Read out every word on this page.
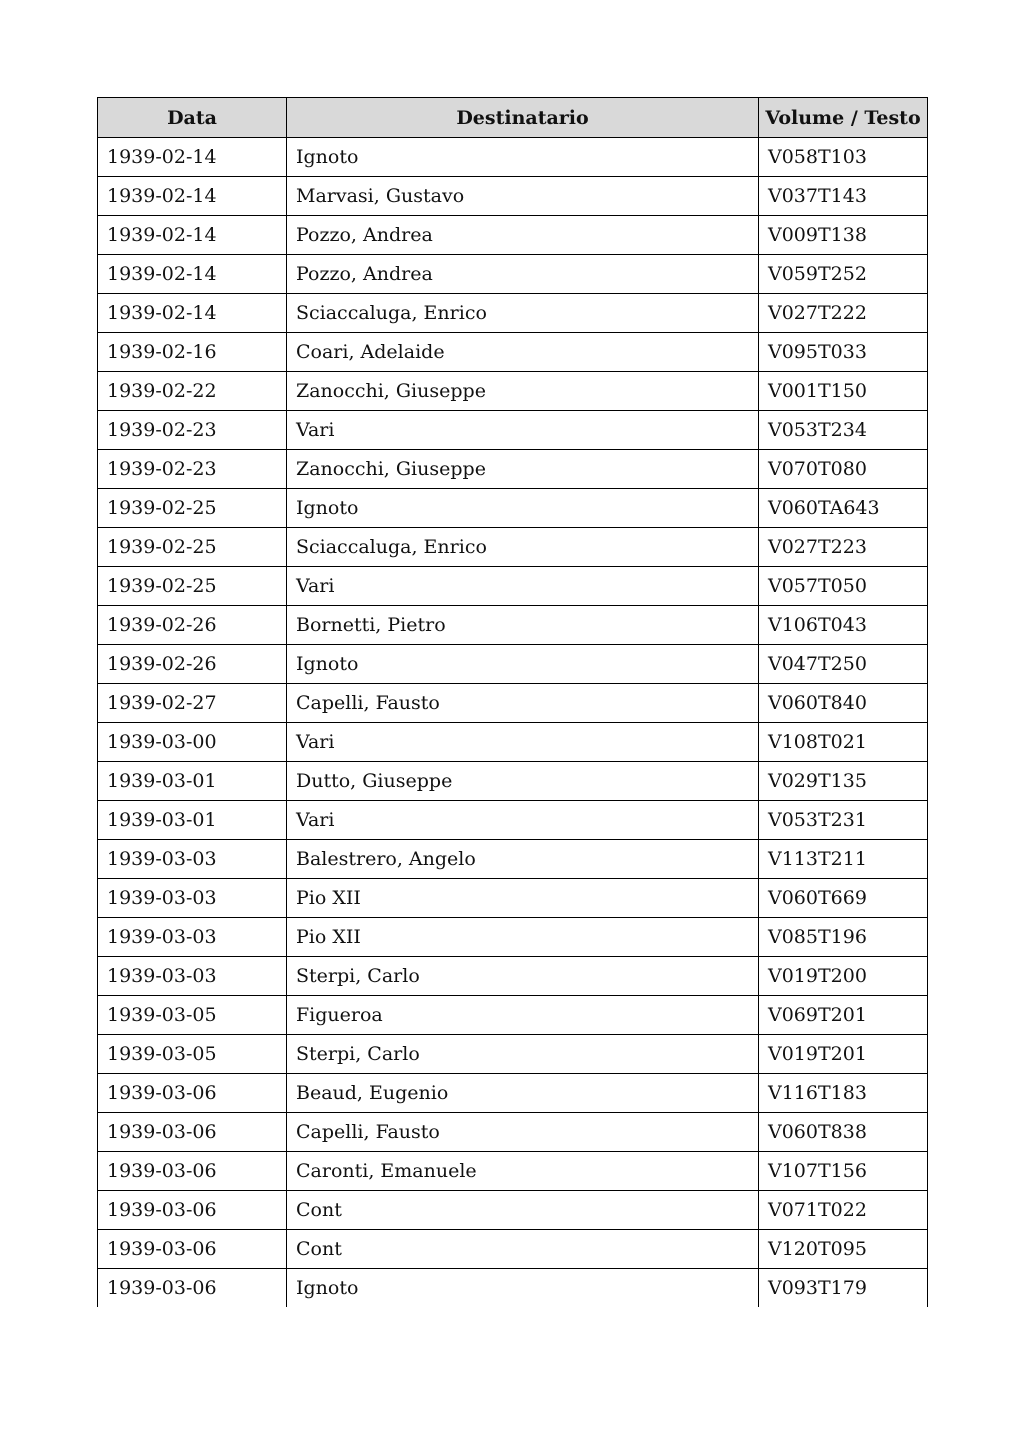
Data	Destinatario	Volume / Testo
1939-02-14	Ignoto	V058T103
1939-02-14	Marvasi, Gustavo	V037T143
1939-02-14	Pozzo, Andrea	V009T138
1939-02-14	Pozzo, Andrea	V059T252
1939-02-14	Sciaccaluga, Enrico	V027T222
1939-02-16	Coari, Adelaide	V095T033
1939-02-22	Zanocchi, Giuseppe	V001T150
1939-02-23	Vari	V053T234
1939-02-23	Zanocchi, Giuseppe	V070T080
1939-02-25	Ignoto	V060TA643
1939-02-25	Sciaccaluga, Enrico	V027T223
1939-02-25	Vari	V057T050
1939-02-26	Bornetti, Pietro	V106T043
1939-02-26	Ignoto	V047T250
1939-02-27	Capelli, Fausto	V060T840
1939-03-00	Vari	V108T021
1939-03-01	Dutto, Giuseppe	V029T135
1939-03-01	Vari	V053T231
1939-03-03	Balestrero, Angelo	V113T211
1939-03-03	Pio XII	V060T669
1939-03-03	Pio XII	V085T196
1939-03-03	Sterpi, Carlo	V019T200
1939-03-05	Figueroa	V069T201
1939-03-05	Sterpi, Carlo	V019T201
1939-03-06	Beaud, Eugenio	V116T183
1939-03-06	Capelli, Fausto	V060T838
1939-03-06	Caronti, Emanuele	V107T156
1939-03-06	Cont	V071T022
1939-03-06	Cont	V120T095
1939-03-06	Ignoto	V093T179
